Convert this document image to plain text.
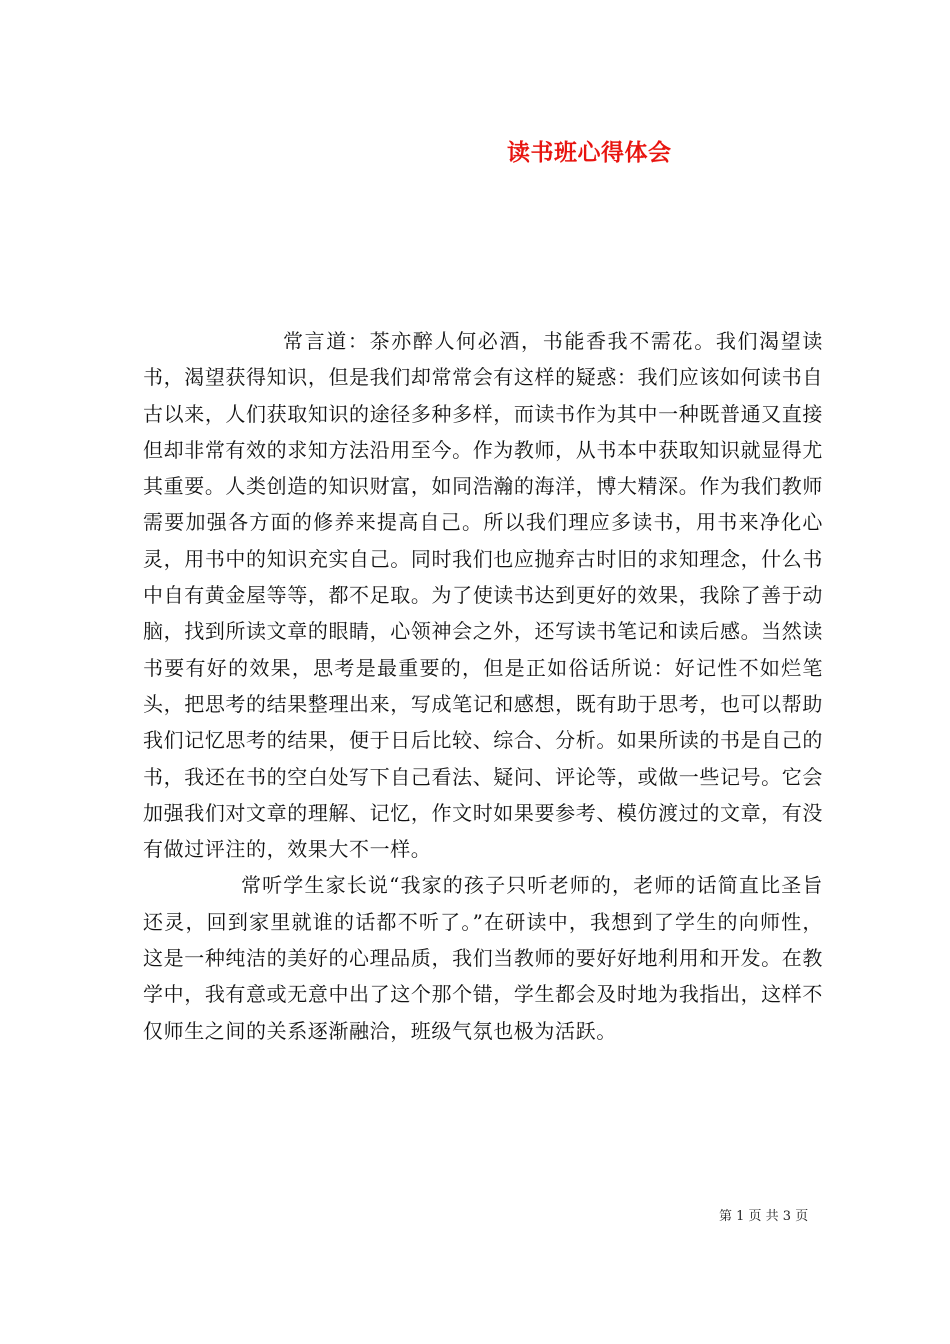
读书班心得体会

常言道：茶亦醉人何必酒，书能香我不需花。我们渴望读书，渴望获得知识，但是我们却常常会有这样的疑惑：我们应该如何读书自古以来，人们获取知识的途径多种多样，而读书作为其中一种既普通又直接但却非常有效的求知方法沿用至今。作为教师，从书本中获取知识就显得尤其重要。人类创造的知识财富，如同浩瀚的海洋，博大精深。作为我们教师需要加强各方面的修养来提高自己。所以我们理应多读书，用书来净化心灵，用书中的知识充实自己。同时我们也应抛弃古时旧的求知理念，什么书中自有黄金屋等等，都不足取。为了使读书达到更好的效果，我除了善于动脑，找到所读文章的眼睛，心领神会之外，还写读书笔记和读后感。当然读书要有好的效果，思考是最重要的，但是正如俗话所说：好记性不如烂笔头，把思考的结果整理出来，写成笔记和感想，既有助于思考，也可以帮助我们记忆思考的结果，便于日后比较、综合、分析。如果所读的书是自己的书，我还在书的空白处写下自己看法、疑问、评论等，或做一些记号。它会加强我们对文章的理解、记忆，作文时如果要参考、模仿渡过的文章，有没有做过评注的，效果大不一样。

常听学生家长说“我家的孩子只听老师的，老师的话简直比圣旨还灵，回到家里就谁的话都不听了。”在研读中，我想到了学生的向师性，这是一种纯洁的美好的心理品质，我们当教师的要好好地利用和开发。在教学中，我有意或无意中出了这个那个错，学生都会及时地为我指出，这样不仅师生之间的关系逐渐融洽，班级气氛也极为活跃。

第 1 页 共 3 页
